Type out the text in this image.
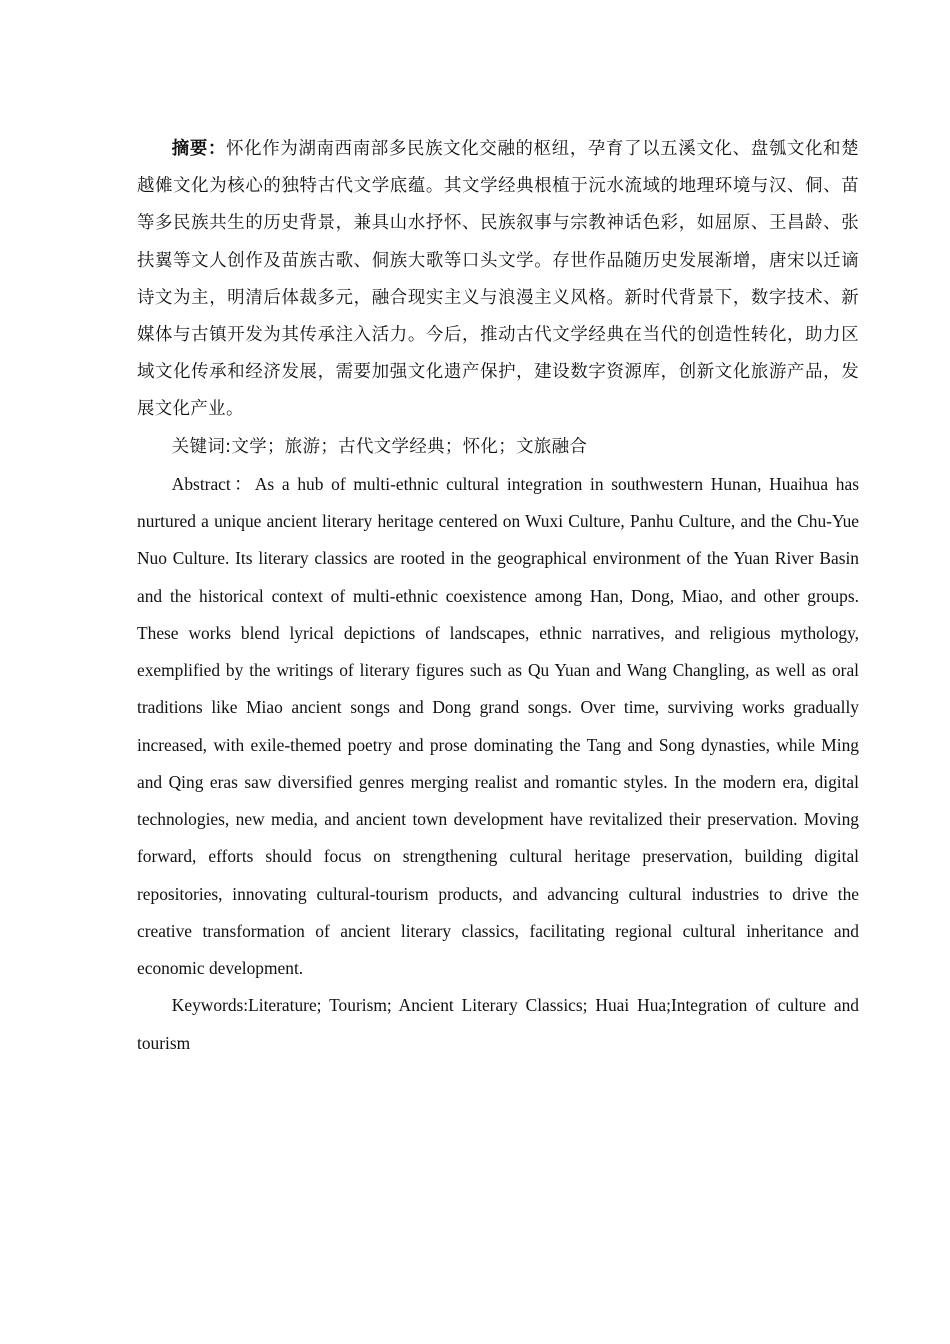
摘要：怀化作为湖南西南部多民族文化交融的枢纽，孕育了以五溪文化、盘瓠文化和楚越傩文化为核心的独特古代文学底蕴。其文学经典根植于沅水流域的地理环境与汉、侗、苗等多民族共生的历史背景，兼具山水抒怀、民族叙事与宗教神话色彩，如屈原、王昌龄、张扶翼等文人创作及苗族古歌、侗族大歌等口头文学。存世作品随历史发展渐增，唐宋以迁谪诗文为主，明清后体裁多元，融合现实主义与浪漫主义风格。新时代背景下，数字技术、新媒体与古镇开发为其传承注入活力。今后，推动古代文学经典在当代的创造性转化，助力区域文化传承和经济发展，需要加强文化遗产保护，建设数字资源库，创新文化旅游产品，发展文化产业。

关键词:文学；旅游；古代文学经典；怀化；文旅融合

Abstract：As a hub of multi-ethnic cultural integration in southwestern Hunan, Huaihua has nurtured a unique ancient literary heritage centered on Wuxi Culture, Panhu Culture, and the Chu-Yue Nuo Culture. Its literary classics are rooted in the geographical environment of the Yuan River Basin and the historical context of multi-ethnic coexistence among Han, Dong, Miao, and other groups. These works blend lyrical depictions of landscapes, ethnic narratives, and religious mythology, exemplified by the writings of literary figures such as Qu Yuan and Wang Changling, as well as oral traditions like Miao ancient songs and Dong grand songs. Over time, surviving works gradually increased, with exile-themed poetry and prose dominating the Tang and Song dynasties, while Ming and Qing eras saw diversified genres merging realist and romantic styles. In the modern era, digital technologies, new media, and ancient town development have revitalized their preservation. Moving forward, efforts should focus on strengthening cultural heritage preservation, building digital repositories, innovating cultural-tourism products, and advancing cultural industries to drive the creative transformation of ancient literary classics, facilitating regional cultural inheritance and economic development.

Keywords:Literature; Tourism; Ancient Literary Classics; Huai Hua;Integration of culture and tourism
